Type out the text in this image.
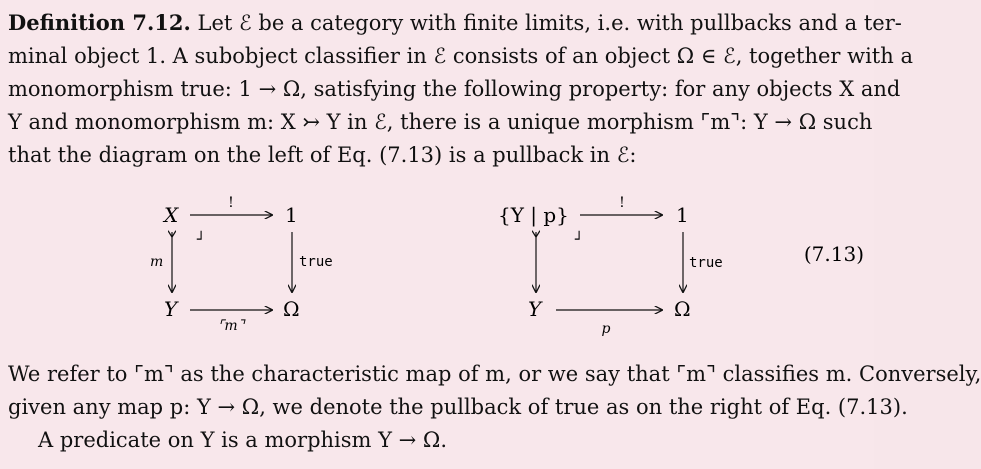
Definition 7.12. Let ℰ be a category with finite limits, i.e. with pullbacks and a ter-
minal object 1. A subobject classifier in ℰ consists of an object Ω ∈ ℰ, together with a
monomorphism true: 1 → Ω, satisfying the following property: for any objects X and
Y and monomorphism m: X ↣ Y in ℰ, there is a unique morphism ⌜m⌝: Y → Ω such
that the diagram on the left of Eq. (7.13) is a pullback in ℰ:
X	1
Y	Ω
!
m	true
⌜m⌝
┘
{Y | p}	1
Y	Ω
!
true
p
┘
(7.13)
We refer to ⌜m⌝ as the characteristic map of m, or we say that ⌜m⌝ classifies m. Conversely,
given any map p: Y → Ω, we denote the pullback of true as on the right of Eq. (7.13).
A predicate on Y is a morphism Y → Ω.
